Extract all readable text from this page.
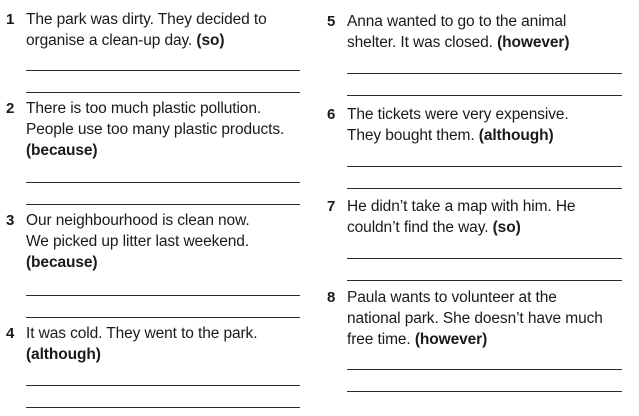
1 The park was dirty. They decided to
organise a clean-up day. (so)
2 There is too much plastic pollution.
People use too many plastic products.
(because)
3 Our neighbourhood is clean now.
We picked up litter last weekend.
(because)
4 It was cold. They went to the park.
(although)
5 Anna wanted to go to the animal
shelter. It was closed. (however)
6 The tickets were very expensive.
They bought them. (although)
7 He didn’t take a map with him. He
couldn’t find the way. (so)
8 Paula wants to volunteer at the
national park. She doesn’t have much
free time. (however)
